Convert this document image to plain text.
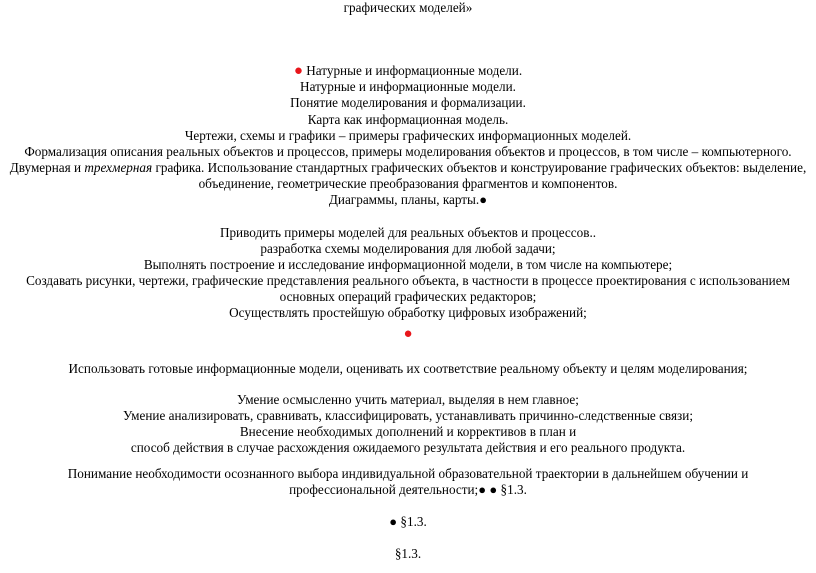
графических моделей»
● Натурные и информационные модели.
Натурные и информационные модели.
Понятие моделирования и формализации.
Карта как информационная модель.
Чертежи, схемы и графики – примеры графических информационных моделей.
Формализация описания реальных объектов и процессов, примеры моделирования объектов и процессов, в том числе – компьютерного.
Двумерная и трехмерная графика. Использование стандартных графических объектов и конструирование графических объектов: выделение,
объединение, геометрические преобразования фрагментов и компонентов.
Диаграммы, планы, карты.●
Приводить примеры моделей для реальных объектов и процессов..
разработка схемы моделирования для любой задачи;
Выполнять построение и исследование информационной модели, в том числе на компьютере;
Создавать рисунки, чертежи, графические представления реального объекта, в частности в процессе проектирования с использованием
основных операций графических редакторов;
Осуществлять простейшую обработку цифровых изображений;
●
Использовать готовые информационные модели, оценивать их соответствие реальному объекту и целям моделирования;
Умение осмысленно учить материал, выделяя в нем главное;
Умение анализировать, сравнивать, классифицировать, устанавливать причинно-следственные связи;
Внесение необходимых дополнений и коррективов в план и
способ действия в случае расхождения ожидаемого результата действия и его реального продукта.
Понимание необходимости осознанного выбора индивидуальной образовательной траектории в дальнейшем обучении и
профессиональной деятельности;● ● §1.3.
● §1.3.
§1.3.
